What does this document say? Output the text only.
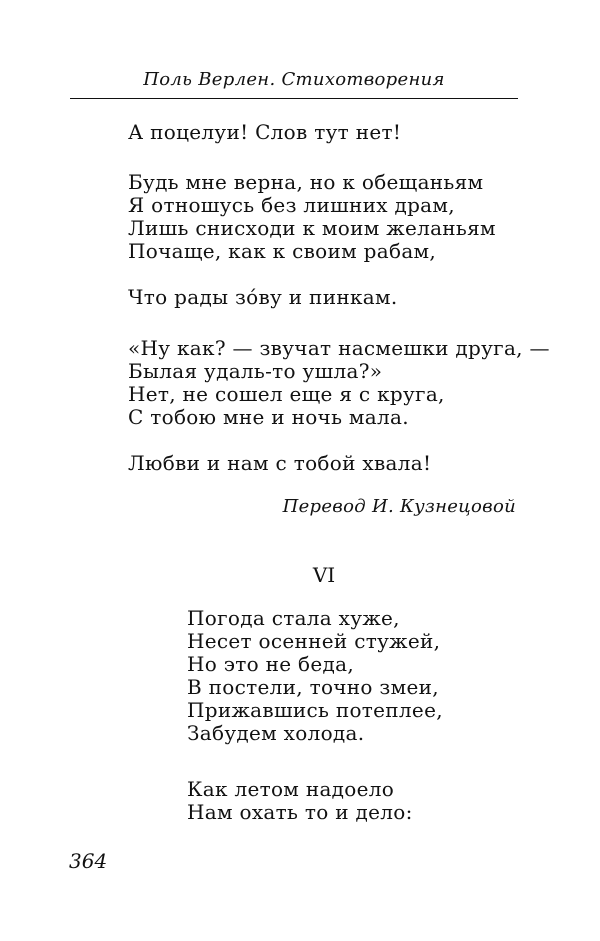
Поль Верлен. Стихотворения
А поцелуи! Слов тут нет!
Будь мне верна, но к обещаньям
Я отношусь без лишних драм,
Лишь снисходи к моим желаньям
Почаще, как к своим рабам,
Что рады зо́ву и пинкам.
«Ну как? — звучат насмешки друга, —
Былая удаль-то ушла?»
Нет, не сошел еще я с круга,
С тобою мне и ночь мала.
Любви и нам с тобой хвала!
Перевод И. Кузнецовой
VI
Погода стала хуже,
Несет осенней стужей,
Но это не беда,
В постели, точно змеи,
Прижавшись потеплее,
Забудем холода.
Как летом надоело
Нам охать то и дело:
364
